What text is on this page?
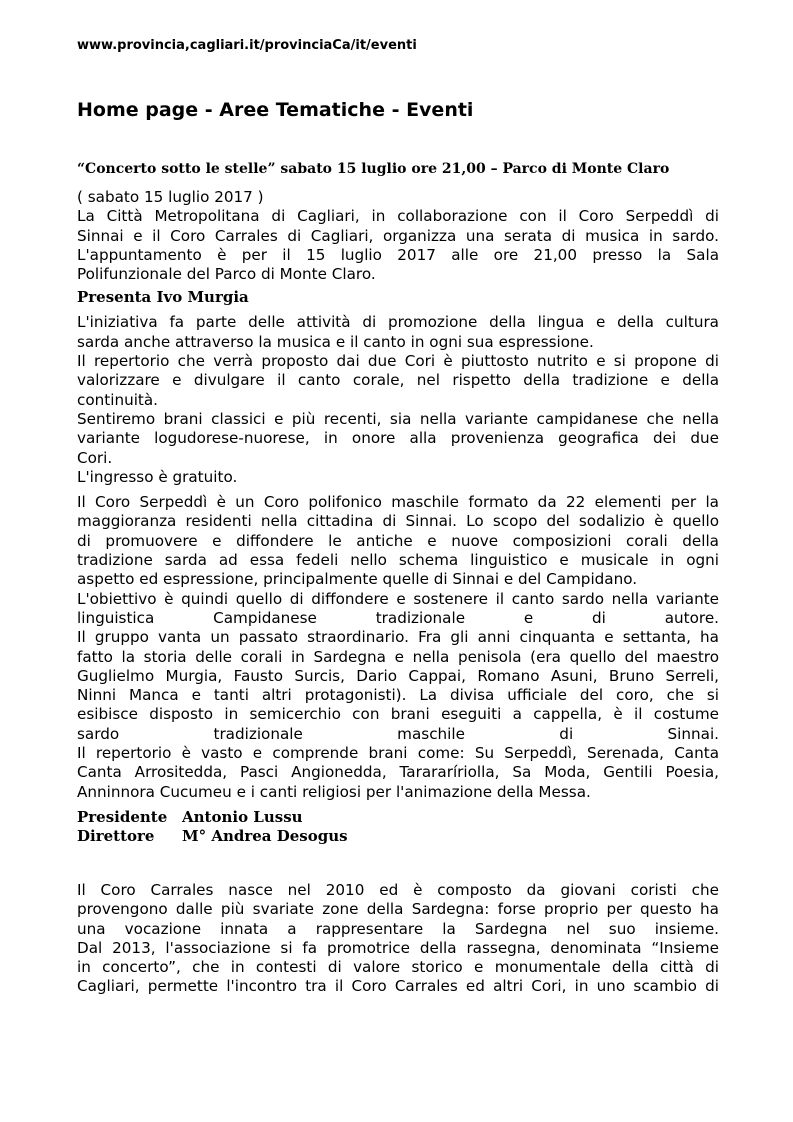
www.provincia,cagliari.it/provinciaCa/it/eventi
Home page - Aree Tematiche - Eventi
“Concerto sotto le stelle” sabato 15 luglio ore 21,00 – Parco di Monte Claro
( sabato 15 luglio 2017 )
La Città Metropolitana di Cagliari, in collaborazione con il Coro Serpeddì di
Sinnai e il Coro Carrales di Cagliari, organizza una serata di musica in sardo.
L'appuntamento è per il 15 luglio 2017 alle ore 21,00 presso la Sala
Polifunzionale del Parco di Monte Claro.
Presenta Ivo Murgia
L'iniziativa fa parte delle attività di promozione della lingua e della cultura
sarda anche attraverso la musica e il canto in ogni sua espressione.
Il repertorio che verrà proposto dai due Cori è piuttosto nutrito e si propone di
valorizzare e divulgare il canto corale, nel rispetto della tradizione e della
continuità.
Sentiremo brani classici e più recenti, sia nella variante campidanese che nella
variante logudorese-nuorese, in onore alla provenienza geografica dei due
Cori.
L'ingresso è gratuito.
Il Coro Serpeddì è un Coro polifonico maschile formato da 22 elementi per la
maggioranza residenti nella cittadina di Sinnai. Lo scopo del sodalizio è quello
di promuovere e diffondere le antiche e nuove composizioni corali della
tradizione sarda ad essa fedeli nello schema linguistico e musicale in ogni
aspetto ed espressione, principalmente quelle di Sinnai e del Campidano.
L'obiettivo è quindi quello di diffondere e sostenere il canto sardo nella variante
linguistica Campidanese tradizionale e di autore.
Il gruppo vanta un passato straordinario. Fra gli anni cinquanta e settanta, ha
fatto la storia delle corali in Sardegna e nella penisola (era quello del maestro
Guglielmo Murgia, Fausto Surcis, Dario Cappai, Romano Asuni, Bruno Serreli,
Ninni Manca e tanti altri protagonisti). La divisa ufficiale del coro, che si
esibisce disposto in semicerchio con brani eseguiti a cappella, è il costume
sardo tradizionale maschile di Sinnai.
Il repertorio è vasto e comprende brani come: Su Serpeddì, Serenada, Canta
Canta Arrositedda, Pasci Angionedda, Tarararíriolla, Sa Moda, Gentili Poesia,
Anninnora Cucumeu e i canti religiosi per l'animazione della Messa.
Presidente Antonio Lussu
Direttore M° Andrea Desogus
Il Coro Carrales nasce nel 2010 ed è composto da giovani coristi che
provengono dalle più svariate zone della Sardegna: forse proprio per questo ha
una vocazione innata a rappresentare la Sardegna nel suo insieme.
Dal 2013, l'associazione si fa promotrice della rassegna, denominata “Insieme
in concerto”, che in contesti di valore storico e monumentale della città di
Cagliari, permette l'incontro tra il Coro Carrales ed altri Cori, in uno scambio di
